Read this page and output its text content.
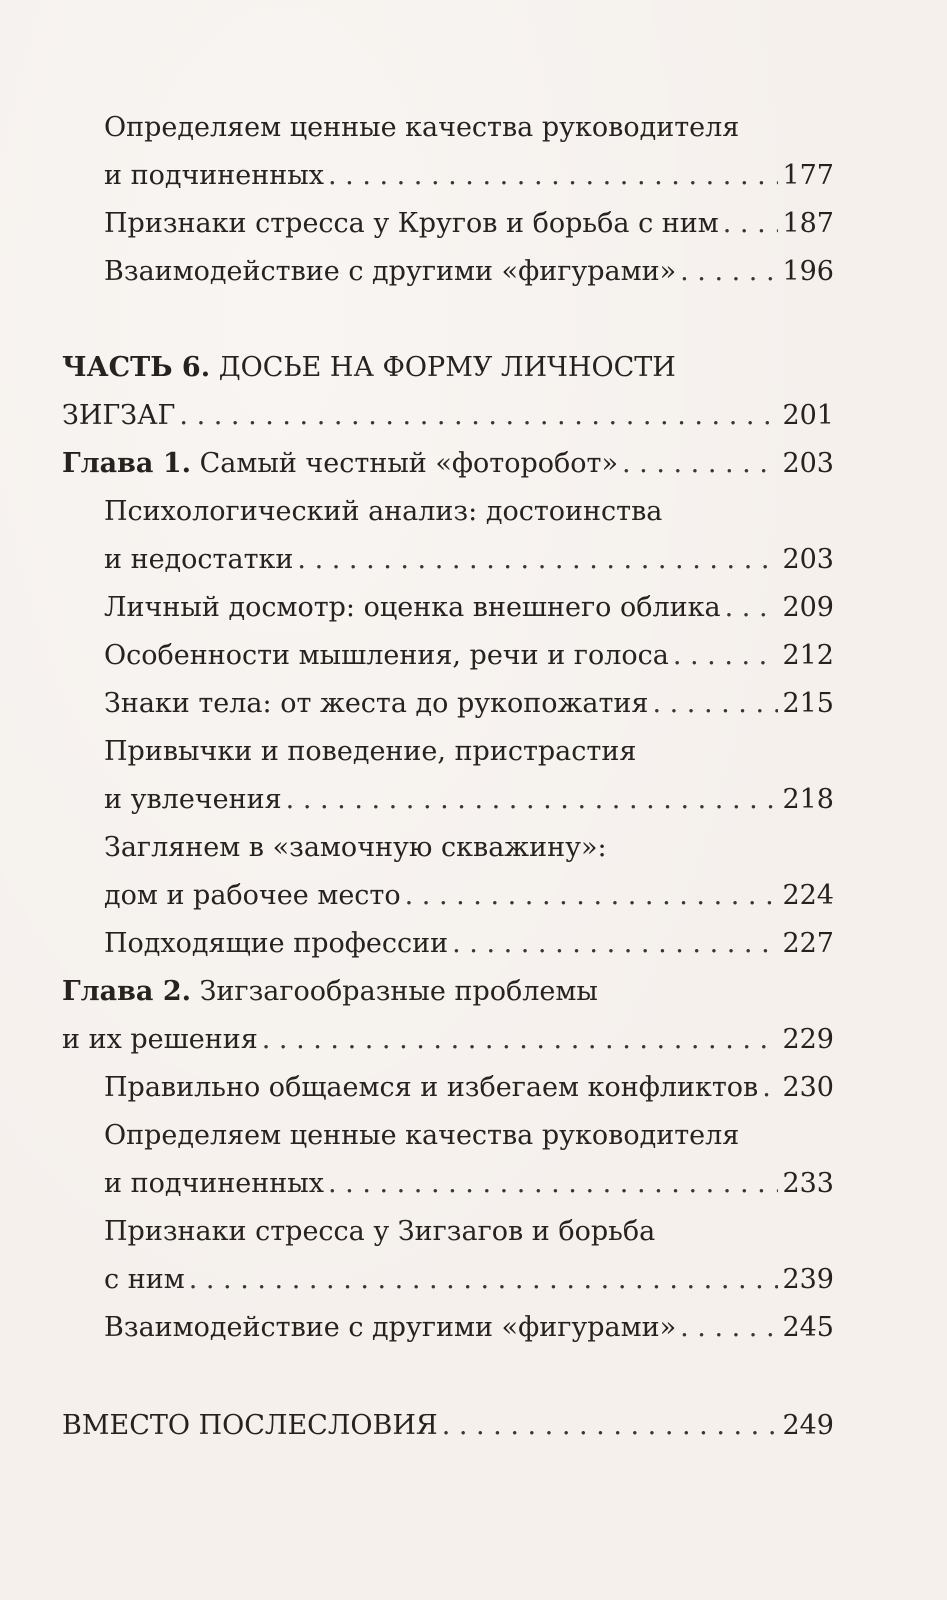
Определяем ценные качества руководителя
и подчиненных . . .	177
Признаки стресса у Кругов и борьба с ним . . . 187
Взаимодействие с другими «фигурами» . . .	196
ЧАСТЬ 6. ДОСЬЕ НА ФОРМУ ЛИЧНОСТИ
ЗИГЗАГ . . .	201
Глава 1. Самый честный «фоторобот» . . .	203
Психологический анализ: достоинства
и недостатки . . .	203
Личный досмотр: оценка внешнего облика . . . 209
Особенности мышления, речи и голоса . . .	212
Знаки тела: от жеста до рукопожатия . . .	215
Привычки и поведение, пристрастия
и увлечения . . .	218
Заглянем в «замочную скважину»:
дом и рабочее место . . .	224
Подходящие профессии . . .	227
Глава 2. Зигзагообразные проблемы
и их решения . . .	229
Правильно общаемся и избегаем конфликтов . . . 230
Определяем ценные качества руководителя
и подчиненных . . .	233
Признаки стресса у Зигзагов и борьба
с ним . . .	239
Взаимодействие с другими «фигурами» . . .	245
ВМЕСТО ПОСЛЕСЛОВИЯ . . .	249
